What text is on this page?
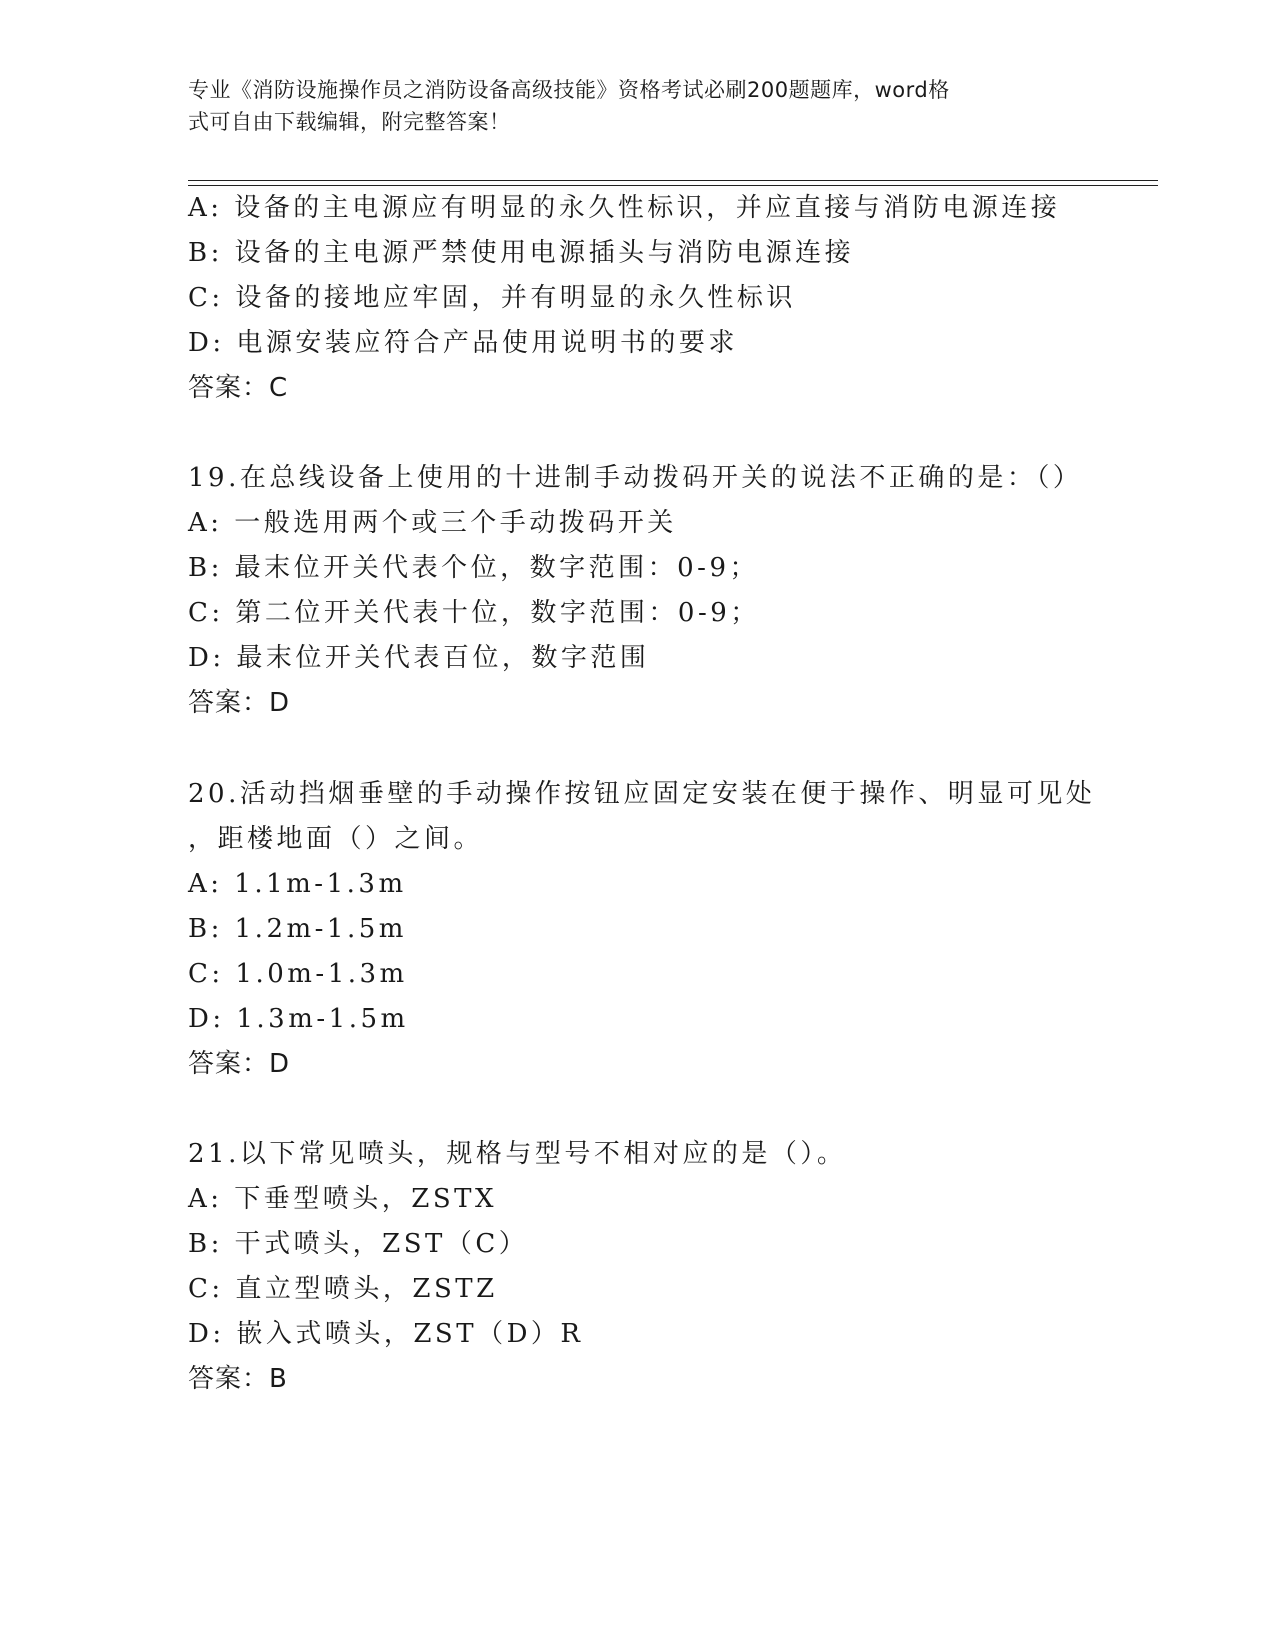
专业《消防设施操作员之消防设备高级技能》资格考试必刷200题题库，word格
式可自由下载编辑，附完整答案！
A: 设备的主电源应有明显的永久性标识，并应直接与消防电源连接
B: 设备的主电源严禁使用电源插头与消防电源连接
C: 设备的接地应牢固，并有明显的永久性标识
D: 电源安装应符合产品使用说明书的要求
答案：C
19.在总线设备上使用的十进制手动拨码开关的说法不正确的是：（）
A: 一般选用两个或三个手动拨码开关
B: 最末位开关代表个位，数字范围：0-9；
C: 第二位开关代表十位，数字范围：0-9；
D: 最末位开关代表百位，数字范围
答案：D
20.活动挡烟垂壁的手动操作按钮应固定安装在便于操作、明显可见处
，距楼地面（）之间。
A: 1.1m-1.3m
B: 1.2m-1.5m
C: 1.0m-1.3m
D: 1.3m-1.5m
答案：D
21.以下常见喷头，规格与型号不相对应的是（）。
A: 下垂型喷头，ZSTX
B: 干式喷头，ZST（C）
C: 直立型喷头，ZSTZ
D: 嵌入式喷头，ZST（D）R
答案：B
